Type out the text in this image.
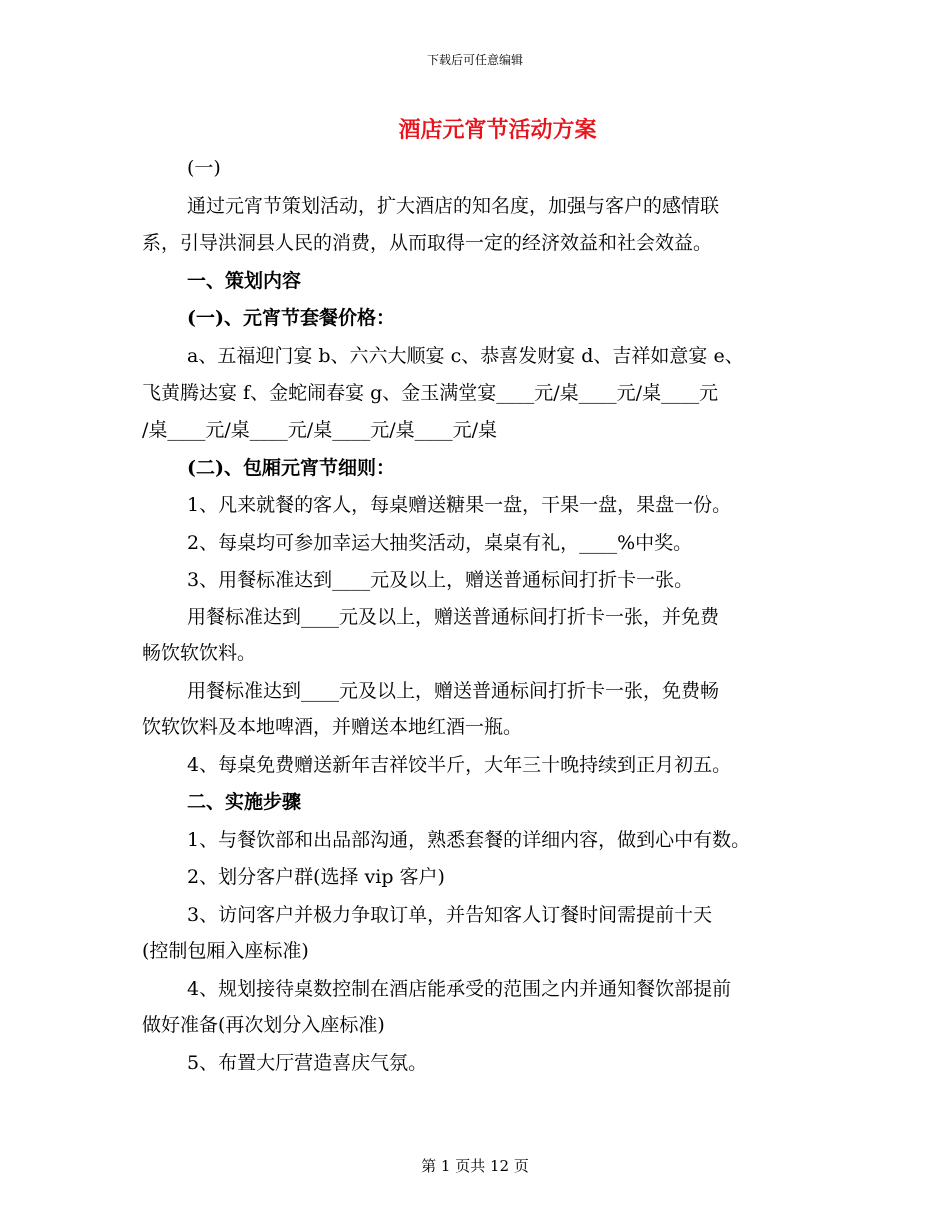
下载后可任意编辑
酒店元宵节活动方案
(一)
通过元宵节策划活动，扩大酒店的知名度，加强与客户的感情联
系，引导洪洞县人民的消费，从而取得一定的经济效益和社会效益。
一、策划内容
(一)、元宵节套餐价格：
a、五福迎门宴 b、六六大顺宴 c、恭喜发财宴 d、吉祥如意宴 e、
飞黄腾达宴 f、金蛇闹春宴 g、金玉满堂宴____元/桌____元/桌____元
/桌____元/桌____元/桌____元/桌____元/桌
(二)、包厢元宵节细则：
1、凡来就餐的客人，每桌赠送糖果一盘，干果一盘，果盘一份。
2、每桌均可参加幸运大抽奖活动，桌桌有礼，____%中奖。
3、用餐标准达到____元及以上，赠送普通标间打折卡一张。
用餐标准达到____元及以上，赠送普通标间打折卡一张，并免费
畅饮软饮料。
用餐标准达到____元及以上，赠送普通标间打折卡一张，免费畅
饮软饮料及本地啤酒，并赠送本地红酒一瓶。
4、每桌免费赠送新年吉祥饺半斤，大年三十晚持续到正月初五。
二、实施步骤
1、与餐饮部和出品部沟通，熟悉套餐的详细内容，做到心中有数。
2、划分客户群(选择 vip 客户)
3、访问客户并极力争取订单，并告知客人订餐时间需提前十天
(控制包厢入座标准)
4、规划接待桌数控制在酒店能承受的范围之内并通知餐饮部提前
做好准备(再次划分入座标准)
5、布置大厅营造喜庆气氛。
第 1 页共 12 页
